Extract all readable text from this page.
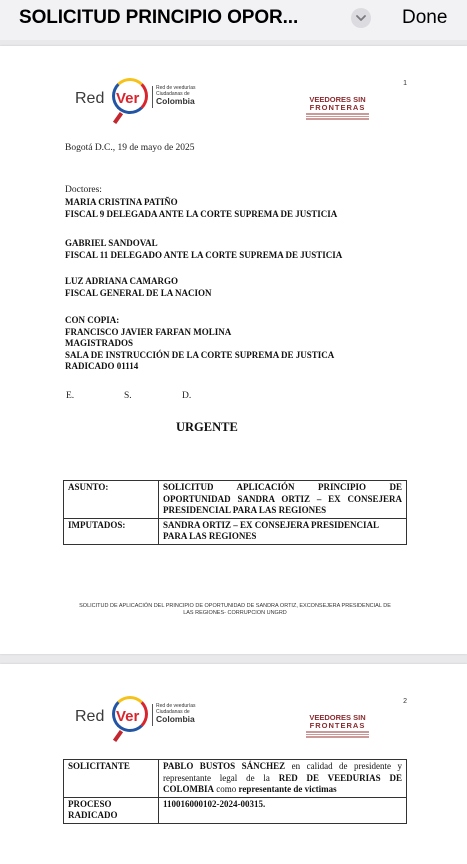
SOLICITUD PRINCIPIO OPOR...	Done
1
Red Ver
Red de veedurías
Ciudadanas de
Colombia	VEEDORES SIN
FRONTERAS
Bogotá D.C., 19 de mayo de 2025
Doctores:
MARIA CRISTINA PATIÑO
FISCAL 9 DELEGADA ANTE LA CORTE SUPREMA DE JUSTICIA
GABRIEL SANDOVAL
FISCAL 11 DELEGADO ANTE LA CORTE SUPREMA DE JUSTICIA
LUZ ADRIANA CAMARGO
FISCAL GENERAL DE LA NACION
CON COPIA:
FRANCISCO JAVIER FARFAN MOLINA
MAGISTRADOS
SALA DE INSTRUCCIÓN DE LA CORTE SUPREMA DE JUSTICA
RADICADO 01114
E.	S.	D.
URGENTE
ASUNTO:	SOLICITUD APLICACIÓN PRINCIPIO DE OPORTUNIDAD SANDRA ORTIZ – EX CONSEJERA PRESIDENCIAL PARA LAS REGIONES
IMPUTADOS:	SANDRA ORTIZ – EX CONSEJERA PRESIDENCIAL PARA LAS REGIONES
SOLICITUD DE APLICACIÓN DEL PRINCIPIO DE OPORTUNIDAD DE SANDRA ORTIZ, EXCONSEJERA PRESIDENCIAL DE LAS REGIONES- CORRUPCION UNGRD
2
Red Ver
Red de veedurías
Ciudadanas de
Colombia	VEEDORES SIN
FRONTERAS
SOLICITANTE	PABLO BUSTOS SÁNCHEZ en calidad de presidente y representante legal de la RED DE VEEDURIAS DE COLOMBIA como representante de victimas
PROCESO RADICADO	110016000102-2024-00315.
